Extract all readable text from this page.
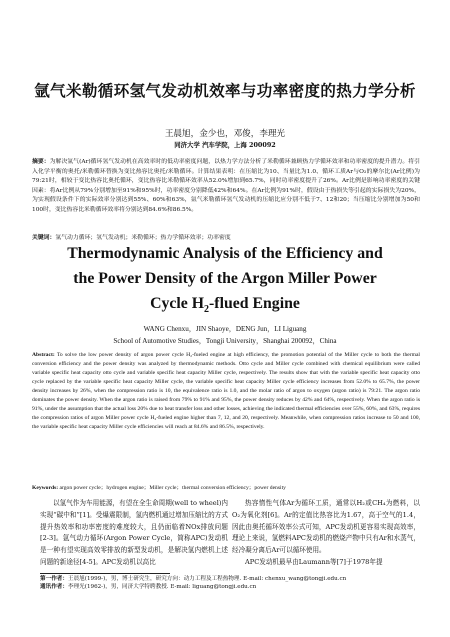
氩气米勒循环氢气发动机效率与功率密度的热力学分析
王晨旭，金少也，邓俊，李理光
同济大学 汽车学院，上海 200092
摘要：为解决氩气(Ar)循环氢气发动机在高效率时的低功率密度问题，以热力学方法分析了米勒循环兼顾热力学循环效率和功率密度的提升潜力。将引入化学平衡的奥托/米勒循环替换为变比热容比奥托/米勒循环。计算结果表明：在压缩比为10、当量比为1.0、循环工质Ar与O₂的摩尔比(Ar比例)为79:21时，相较于变比热容比奥托循环，变比热容比米勒循环效率从52.0%增加到65.7%，同时功率密度提升了26%。Ar比例是影响功率密度的关键因素：将Ar比例从79%分别增加至91%和95%时，功率密度分别降低42%和64%。在Ar比例为91%时，假设由于热损失等引起的实际损失为20%，为实现假设条件下的实际效率分别达到55%、60%和63%，氩气米勒循环氢气发动机的压缩比应分别不低于7、12和20；当压缩比分别增加为50和100时，变比热容比米勒循环效率将分别达到84.6%和86.5%。
关键词：氩气动力循环；氢气发动机；米勒循环；热力学循环效率；功率密度
Thermodynamic Analysis of the Efficiency and
the Power Density of the Argon Miller Power
Cycle $H_2$-flued Engine
WANG Chenxu，JIN Shaoye，DENG Jun，LI Liguang
School of Automotive Studies，Tongji University，Shanghai 200092，China
Abstract: To solve the low power density of argon power cycle H₂-fueled engine at high efficiency, the promotion potential of the Miller cycle to both the thermal conversion efficiency and the power density was analyzed by thermodynamic methods. Otto cycle and Miller cycle combined with chemical equilibrium were called variable specific heat capacity otto cycle and variable specific heat capacity Miller cycle, respectively. The results show that with the variable specific heat capacity otto cycle replaced by the variable specific heat capacity Miller cycle, the variable specific heat capacity Miller cycle efficiency increases from 52.0% to 65.7%, the power density increases by 26%, when the compression ratio is 10, the equivalence ratio is 1.0, and the molar ratio of argon to oxygen (argon ratio) is 79:21. The argon ratio dominates the power density. When the argon ratio is raised from 79% to 91% and 95%, the power density reduces by 42% and 64%, respectively. When the argon ratio is 91%, under the assumption that the actual loss 20% due to heat transfer loss and other losses, achieving the indicated thermal efficiencies over 55%, 60%, and 63%, requires the compression ratios of argon Miller power cycle H₂-fueled engine higher than 7, 12, and 20, respectively. Meanwhile, when compression ratios increase to 50 and 100, the variable specific heat capacity Miller cycle efficiencies will reach at 84.6% and 86.5%, respectively.
Keywords: argon power cycle；hydrogen engine；Miller cycle；thermal conversion efficiency；power density

以氢气作为车用能源，有望在全生命周期(well to wheel)内实现“碳中和”[1]。受爆震限制，氢内燃机通过增加压缩比的方式提升热效率和功率密度的难度较大，且仍面临着NOx排放问题[2-3]。氩气动力循环(Argon Power Cycle，简称APC)发动机是一种有望实现高效零排放的新型发动机，是解决氢内燃机上述问题的新途径[4-5]。APC发动机以高比

热容惰性气体Ar为循环工质，通常以H₂或CH₄为燃料，以O₂为氧化剂[6]。Ar的定值比热容比为1.67，高于空气的1.4，因此由奥托循环效率公式可知，APC发动机更容易实现高效率，理论上来说，氢燃料APC发动机的燃烧产物中只有Ar和水蒸气，经冷凝分离后Ar可以循环使用。

APC发动机最早由Laumann等[7]于1978年提

第一作者：王晨旭(1999-)，男，博士研究生，研究方向：动力工程及工程热物理. E-mail: chenxu_wang@tongji.edu.cn
通讯作者：李理光(1962-)，男，同济大学特聘教授. E-mail: liguang@tongji.edu.cn
